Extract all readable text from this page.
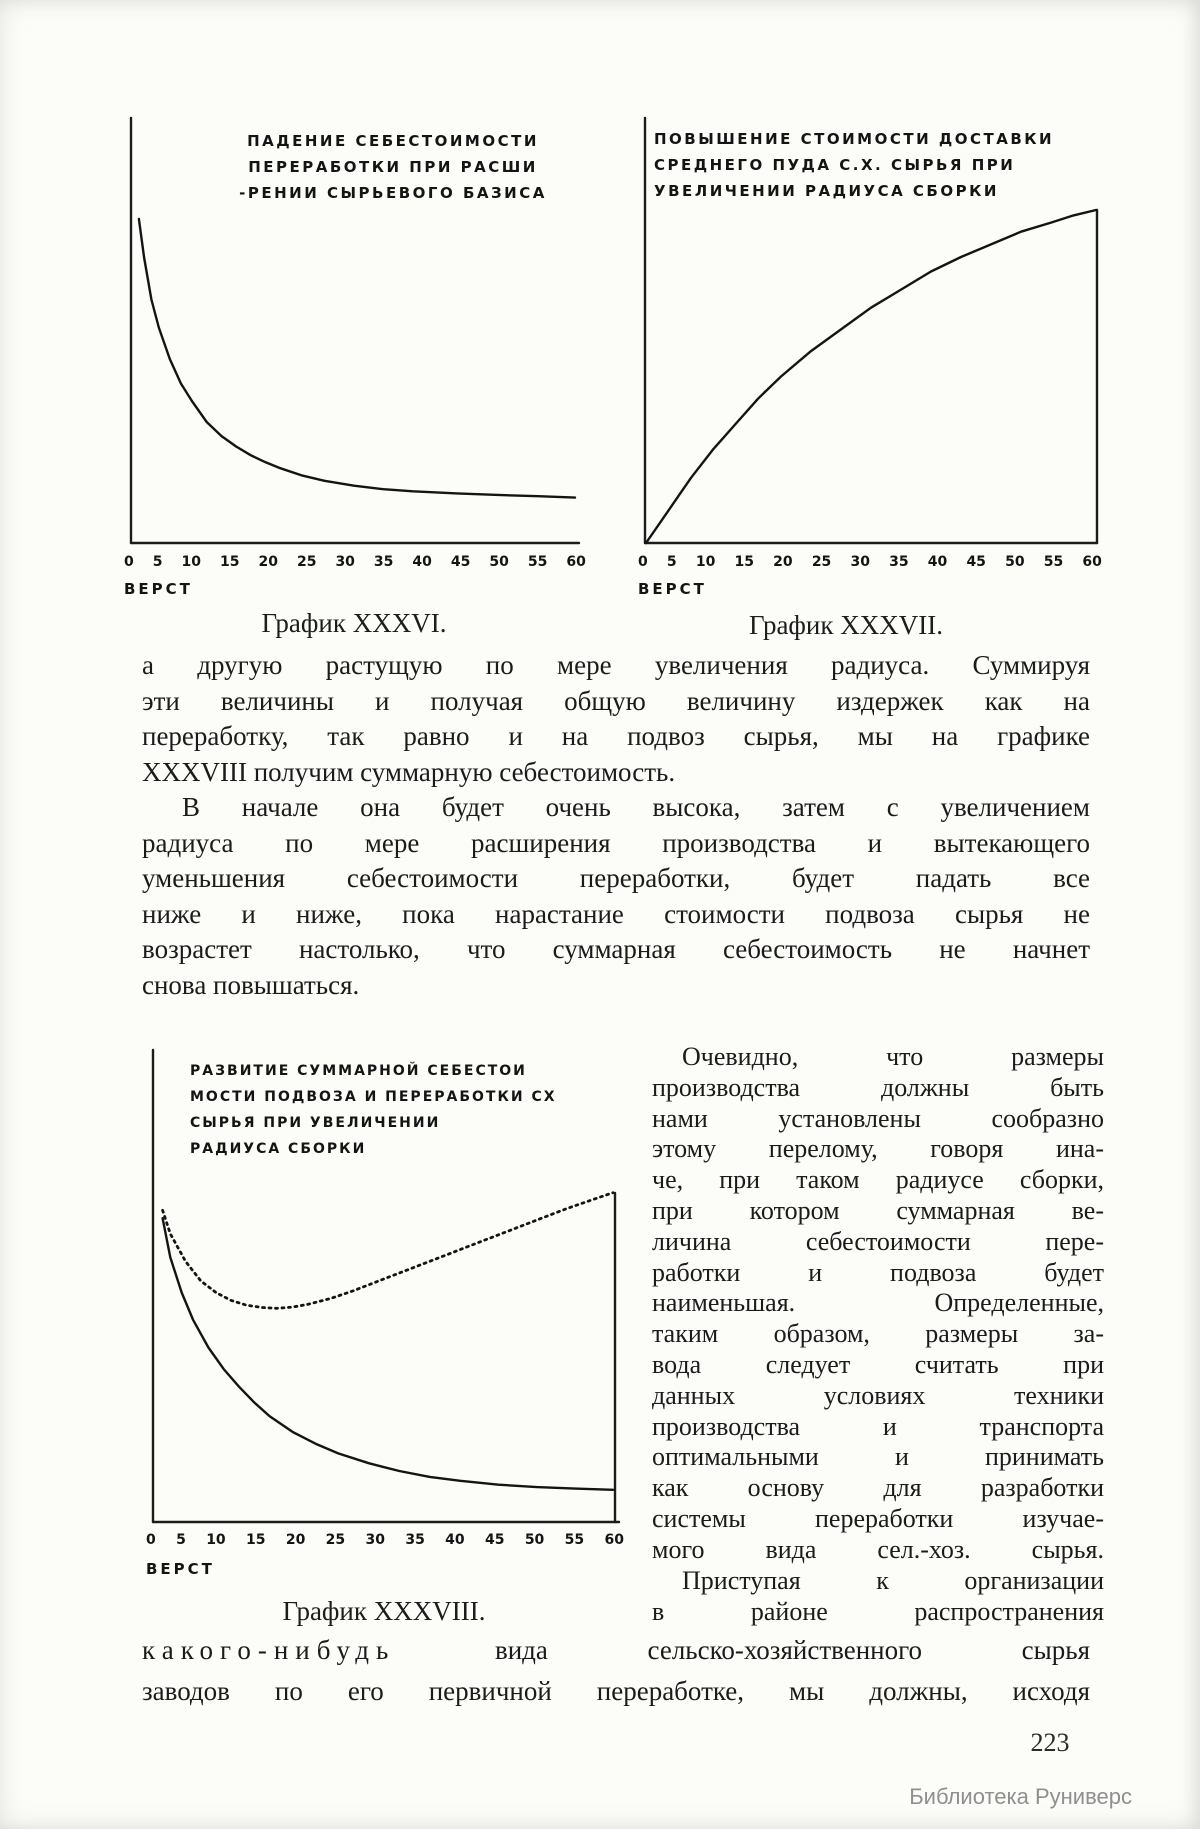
ПАДЕНИЕ СЕБЕСТОИМОСТИ
ПЕРЕРАБОТКИ ПРИ РАСШИ
-РЕНИИ СЫРЬЕВОГО БАЗИСА
0 5 10 15 20 25 30 35 40 45 50 55 60
ВЕРСТ
График XXXVI.
ПОВЫШЕНИЕ СТОИМОСТИ ДОСТАВКИ
СРЕДНЕГО ПУДА С.Х. СЫРЬЯ ПРИ
УВЕЛИЧЕНИИ РАДИУСА СБОРКИ
0 5 10 15 20 25 30 35 40 45 50 55 60
ВЕРСТ
График XXXVII.
а другую растущую по мере увеличения радиуса. Суммируя
эти величины и получая общую величину издержек как на
переработку, так равно и на подвоз сырья, мы на графике
XXXVIII получим суммарную себестоимость.
В начале она будет очень высока, затем с увеличением
радиуса по мере расширения производства и вытекающего
уменьшения себестоимости переработки, будет падать все
ниже и ниже, пока нарастание стоимости подвоза сырья не
возрастет настолько, что суммарная себестоимость не начнет
снова повышаться.
РАЗВИТИЕ СУММАРНОЙ СЕБЕСТОИ
МОСТИ ПОДВОЗА И ПЕРЕРАБОТКИ СХ
СЫРЬЯ ПРИ УВЕЛИЧЕНИИ
РАДИУСА СБОРКИ
0 5 10 15 20 25 30 35 40 45 50 55 60
ВЕРСТ
График XXXVIII.
Очевидно, что размеры
производства должны быть
нами установлены сообразно
этому перелому, говоря ина-
че, при таком радиусе сборки,
при котором суммарная ве-
личина себестоимости пере-
работки и подвоза будет
наименьшая. Определенные,
таким образом, размеры за-
вода следует считать при
данных условиях техники
производства и транспорта
оптимальными и принимать
как основу для разработки
системы переработки изучае-
мого вида сел.-хоз. сырья.
Приступая к организации
в районе распространения
какого-нибудь	вида сельско-хозяйственного сырья
заводов по его первичной переработке, мы должны, исходя
223
Библиотека Руниверс
